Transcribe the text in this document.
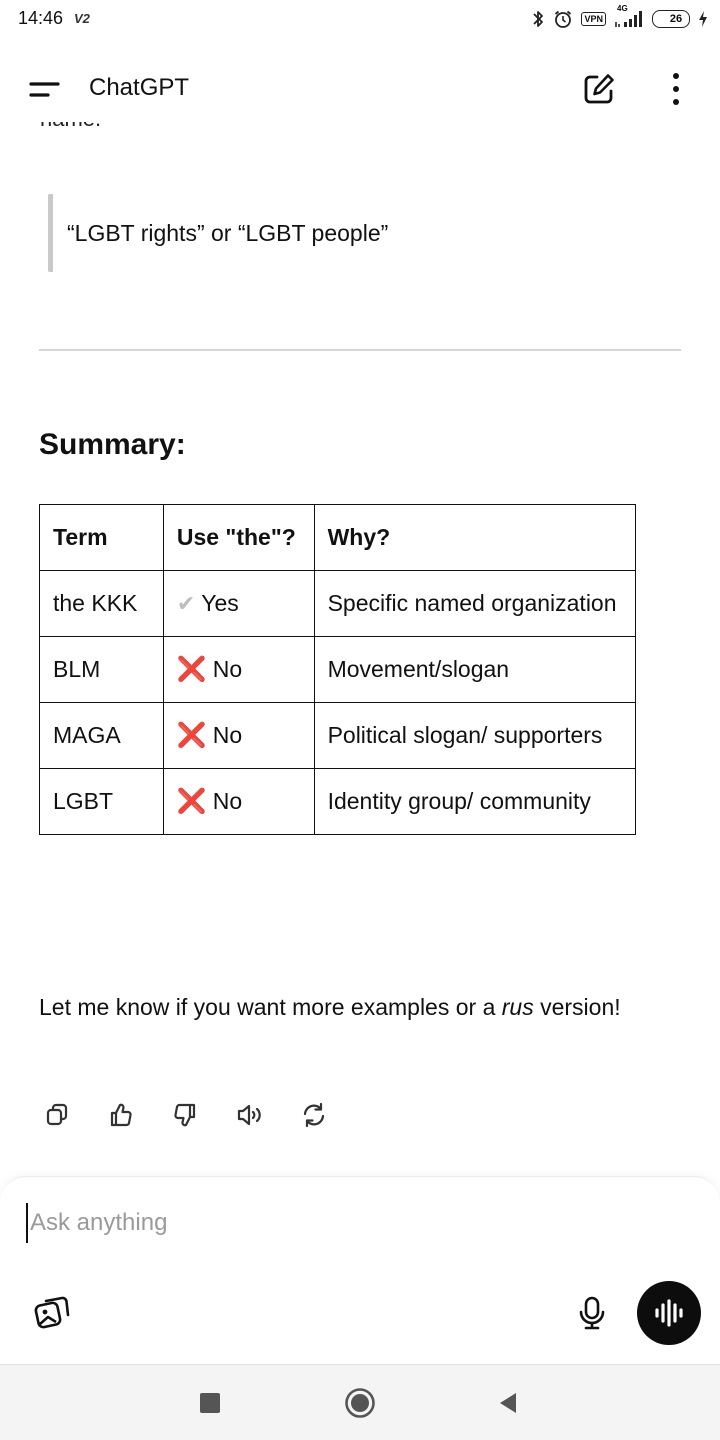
14:46 V2	VPN
4G
26
ChatGPT
“LGBT rights” or “LGBT people”
Summary:
Term	Use "the"?	Why?
the KKK	✔ Yes	Specific named organization
BLM	❌ No	Movement/slogan
MAGA	❌ No	Political slogan/ supporters
LGBT	❌ No	Identity group/ community
Let me know if you want more examples or a rus version!
Ask anything
